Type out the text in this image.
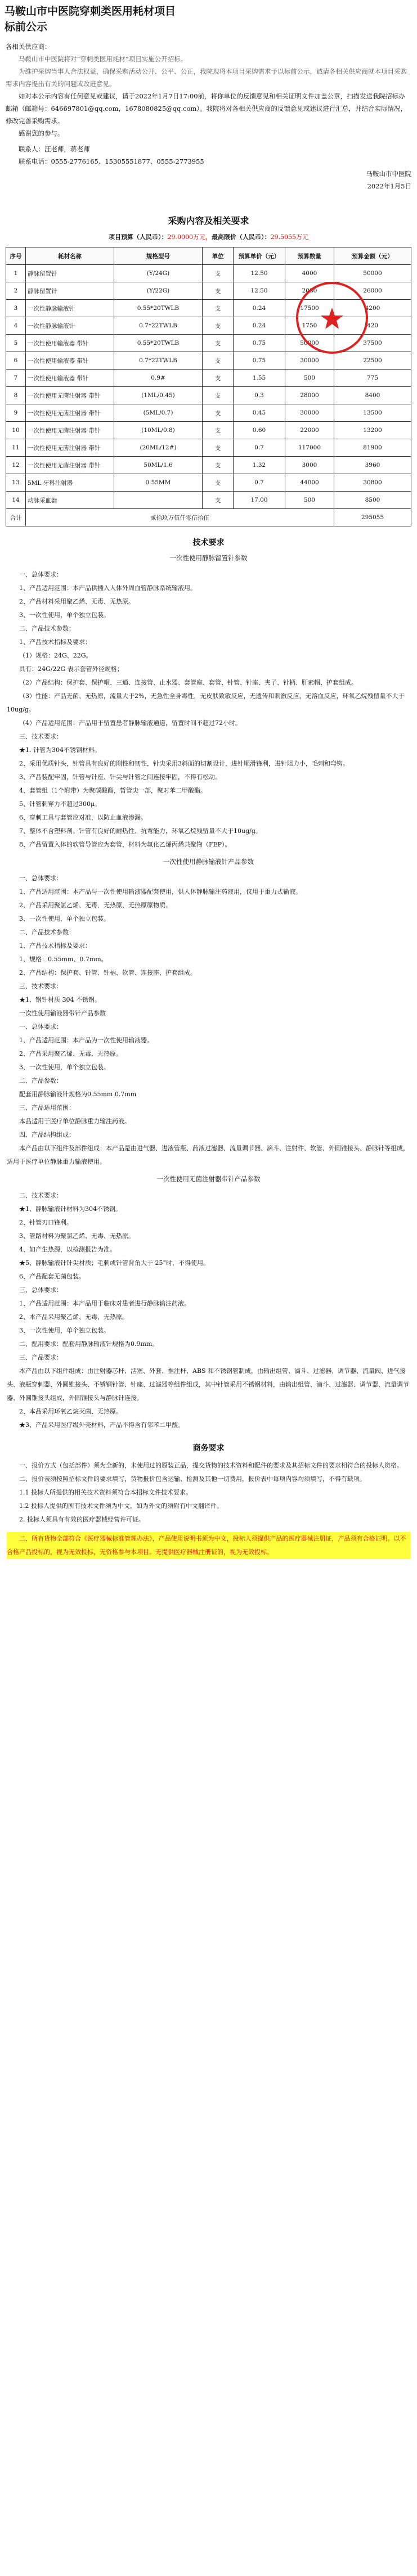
马鞍山市中医院穿刺类医用耗材项目
标前公示

各相关供应商：

马鞍山市中医院将对“穿刺类医用耗材”项目实施公开招标。

为维护采购当事人合法权益，确保采购活动公开、公平、公正，我院现将本项目采购需求予以标前公示，诚请各相关供应商就本项目采购需求内容提出有关的问题或改进意见。

如对本公示内容有任何意见或建议，请于2022年1月7日17:00前，将你单位的反馈意见和相关证明文件加盖公章，扫描发送我院招标办邮箱（邮箱号：646697801@qq.com，1678080825@qq.com）。我院将对各相关供应商的反馈意见或建议进行汇总，并结合实际情况，修改完善采购需求。

感谢您的参与。

联系人：汪老师，蒋老师

联系电话：0555-2776165、15305551877、0555-2773955

马鞍山市中医院

2022年1月5日

采购内容及相关要求
项目预算（人民币）：29.0000万元，最高限价（人民币）：29.5055万元
序号	耗材名称	规格型号	单位	预算单价（元）	预算数量	预算金额（元）
1	静脉留置针	(Y/24G)	支	12.50	4000	50000
2	静脉留置针	(Y/22G)	支	12.50	2080	26000
3	一次性静脉输液针	0.55*20TWLB	支	0.24	17500	4200
4	一次性静脉输液针	0.7*22TWLB	支	0.24	1750	420
5	一次性使用输液器 带针	0.55*20TWLB	支	0.75	50000	37500
6	一次性使用输液器 带针	0.7*22TWLB	支	0.75	30000	22500
7	一次性使用输液器 带针	0.9#	支	1.55	500	775
8	一次性使用无菌注射器 带针	(1ML/0.45)	支	0.3	28000	8400
9	一次性使用无菌注射器 带针	(5ML/0.7)	支	0.45	30000	13500
10	一次性使用无菌注射器 带针	(10ML/0.8)	支	0.60	22000	13200
11	一次性使用无菌注射器 带针	(20ML/12#)	支	0.7	117000	81900
12	一次性使用无菌注射器 带针	50ML/1.6	支	1.32	3000	3960
13	5ML 牙科注射器	0.55MM	支	0.7	44000	30800
14	动脉采血器		支	17.00	500	8500
合计	贰拾玖万伍仟零伍拾伍					295055
技术要求
一次性使用静脉留置针参数

一、总体要求：

1、产品适用范围：本产品供插入人体外周血管静脉系统输液用。

2、产品材料采用聚乙烯、无毒、无热原。

3、一次性使用，单个独立包装。

二、产品技术参数：

1、产品技术指标及要求：

（1）规格：24G、22G。

具有：24G/22G 表示套管外径规格；

（2）产品结构：保护套、保护帽、三通、连接管、止水器、套管座、套管、针管、针座、夹子、针柄、肝素帽、护套组成。

（3）性能：产品无菌、无热原，流量大于2%，无急性全身毒性，无皮肤致敏反应，无遗传和刺激反应，无溶血反应，环氧乙烷残留量不大于10ug/g。

（4）产品适用范围：产品用于留置患者静脉输液通道，留置时间不超过72小时。

三、技术要求：

★1. 针管为304不锈钢材料。

2、采用优质针头，针管具有良好的刚性和韧性，针尖采用3斜面的切割设计，进针顺滑锋利，进针阻力小，毛刺和弯钩。

3、产品装配牢固，针管与针座、针尖与针管之间连接牢固，不得有松动。

4、套管组（1个附带）为聚碳酸酯，暂管尖一部，聚对苯二甲酸酯。

5、针管刺穿力不超过300μ。

6、穿刺工具与套管应对准，以防止血液渗漏。

7、整体不含塑料剂。针管有良好的耐热性、抗弯能力，环氧乙烷残留量不大于10ug/g。

8、产品留置入体的软管导管应为套管，材料为氟化乙烯丙烯共聚物（FEP）。

一次性使用静脉输液针产品参数

一、总体要求：

1、产品适用范围：本产品与一次性使用输液器配套使用，供人体静脉输注药液用，仅用于重力式输液。

2、产品采用聚氯乙烯、无毒、无热原、无热原原物质。

3、一次性使用，单个独立包装。

二、产品技术参数：

1、产品技术指标及要求：

1、规格：0.55mm、0.7mm。

2、产品结构：保护套、针管、针柄、软管、连接座、护套组成。

三、技术要求：

★1、钢针材质 304 不锈钢。

一次性使用输液器带针产品参数

一、总体要求：

1、产品适用范围：本产品为一次性使用输液器。

2、产品采用聚乙烯、无毒、无热原。

3、一次性使用，单个独立包装。

二、产品参数：

配套用静脉输液针规格为0.55mm 0.7mm

三、产品适用范围：

本品适用于医疗单位静脉重力输注药液。

四、产品结构组成：

本产品由以下组件及部件组成：本产品是由进气器、进液管瓶、药液过滤器、流量调节器、滴斗、注射件、软管、外圆锥接头、静脉针等组成，适用于医疗单位静脉重力输液使用。

一次性使用无菌注射器带针产品参数

二、技术要求：

★1、静脉输液针材料为304不锈钢。

2、针管刃口锋利。

3、管路材料为聚氯乙烯、无毒、无热原。

4、如产生热源，以检测报告为准。

★5、静脉输液针针尖材质；毛刺或针管背角大于 25°时，不得使用。

6、产品配套无菌包装。

三、总体要求：

1、产品适用范围：本产品用于临床对患者进行静脉输注药液。

2、本产品采用聚乙烯、无毒、无热原。

3、一次性使用，单个独立包装。

二、配用要求：配套用静脉输液针规格为0.9mm。

三、产品要求：

本产品由以下组件组成：由注射器芯杆、活塞、外套、推注杆、ABS 和不锈钢管制成，由输出组管、滴斗、过滤器、调节器、流量阀、进气接头、液瓶穿刺器、外圆锥接头、不锈钢针管、针座、过滤器等组件组成，其中针管采用不锈钢材料，由输出组管、滴斗、过滤器、调节器、流量调节器、外圆锥接头组成，外圆锥接头与静脉针连接。

2、本品采用环氧乙烷灭菌、无热原。

★3、产品采用医疗级外壳材料，产品不得含有邻苯二甲酸。

商务要求

一、报价方式（包括部件）须为全新的，未使用过的原装正品，提交货物的技术资料和配件的要求及其招标文件的要求相符合的投标人资格。

二、报价表须按照招标文件的要求填写，货物报价包含运输、检测及其他一切费用，报价表中每项内容均须填写，不得有缺项。

1.1 投标人所提供的相关技术资料须符合本招标文件技术要求。

1.2 投标人提供的所有技术文件须为中文，如为外文的须附有中文翻译件。

2. 投标人须具有有效的医疗器械经营许可证。

二、所有货物全部符合《医疗器械标准管理办法》，产品使用说明书须为中文，投标人须提供产品的医疗器械注册证，产品须有合格证明。以不合格产品投标的，视为无效投标，无资格参与本项目。无提供医疗器械注册证的，视为无效投标。
